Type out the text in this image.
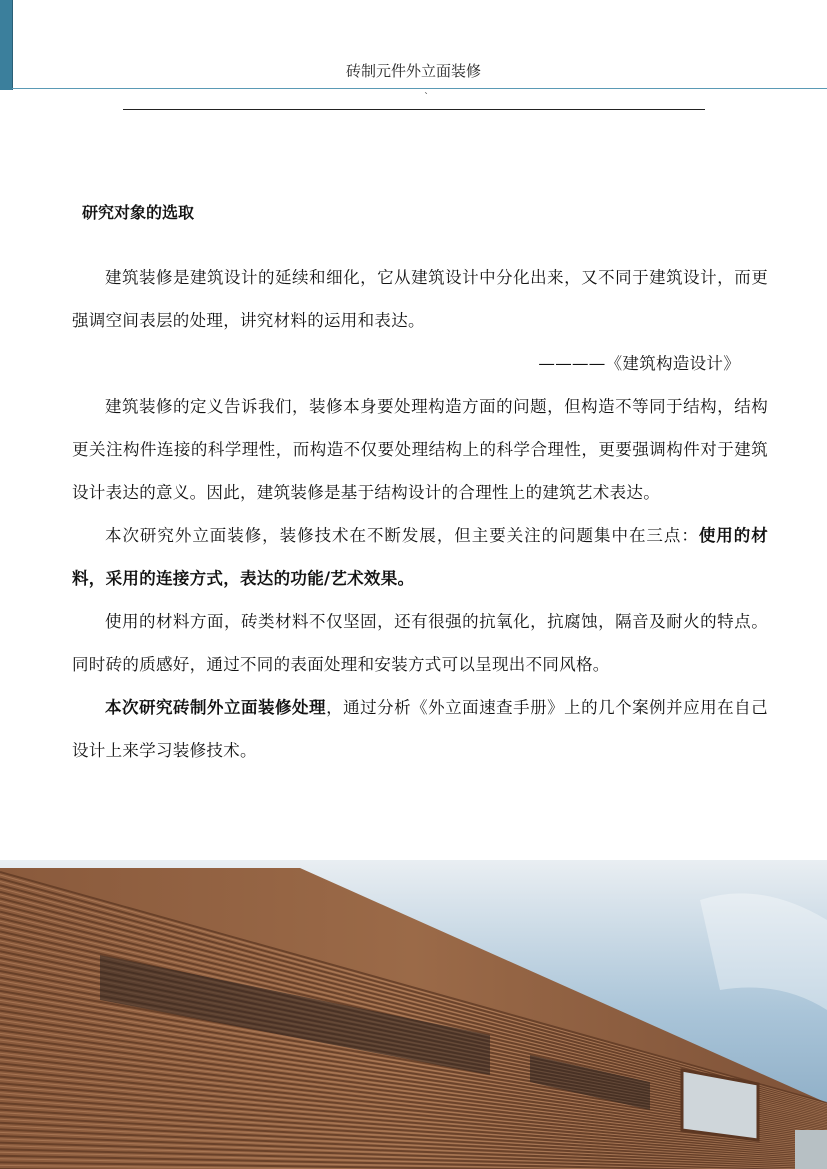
砖制元件外立面装修
`
研究对象的选取

建筑装修是建筑设计的延续和细化，它从建筑设计中分化出来，又不同于建筑设计，而更强调空间表层的处理，讲究材料的运用和表达。

————《建筑构造设计》

建筑装修的定义告诉我们，装修本身要处理构造方面的问题，但构造不等同于结构，结构更关注构件连接的科学理性，而构造不仅要处理结构上的科学合理性，更要强调构件对于建筑设计表达的意义。因此，建筑装修是基于结构设计的合理性上的建筑艺术表达。

本次研究外立面装修，装修技术在不断发展，但主要关注的问题集中在三点：使用的材料，采用的连接方式，表达的功能/艺术效果。

使用的材料方面，砖类材料不仅坚固，还有很强的抗氧化，抗腐蚀，隔音及耐火的特点。同时砖的质感好，通过不同的表面处理和安装方式可以呈现出不同风格。

本次研究砖制外立面装修处理，通过分析《外立面速查手册》上的几个案例并应用在自己设计上来学习装修技术。
